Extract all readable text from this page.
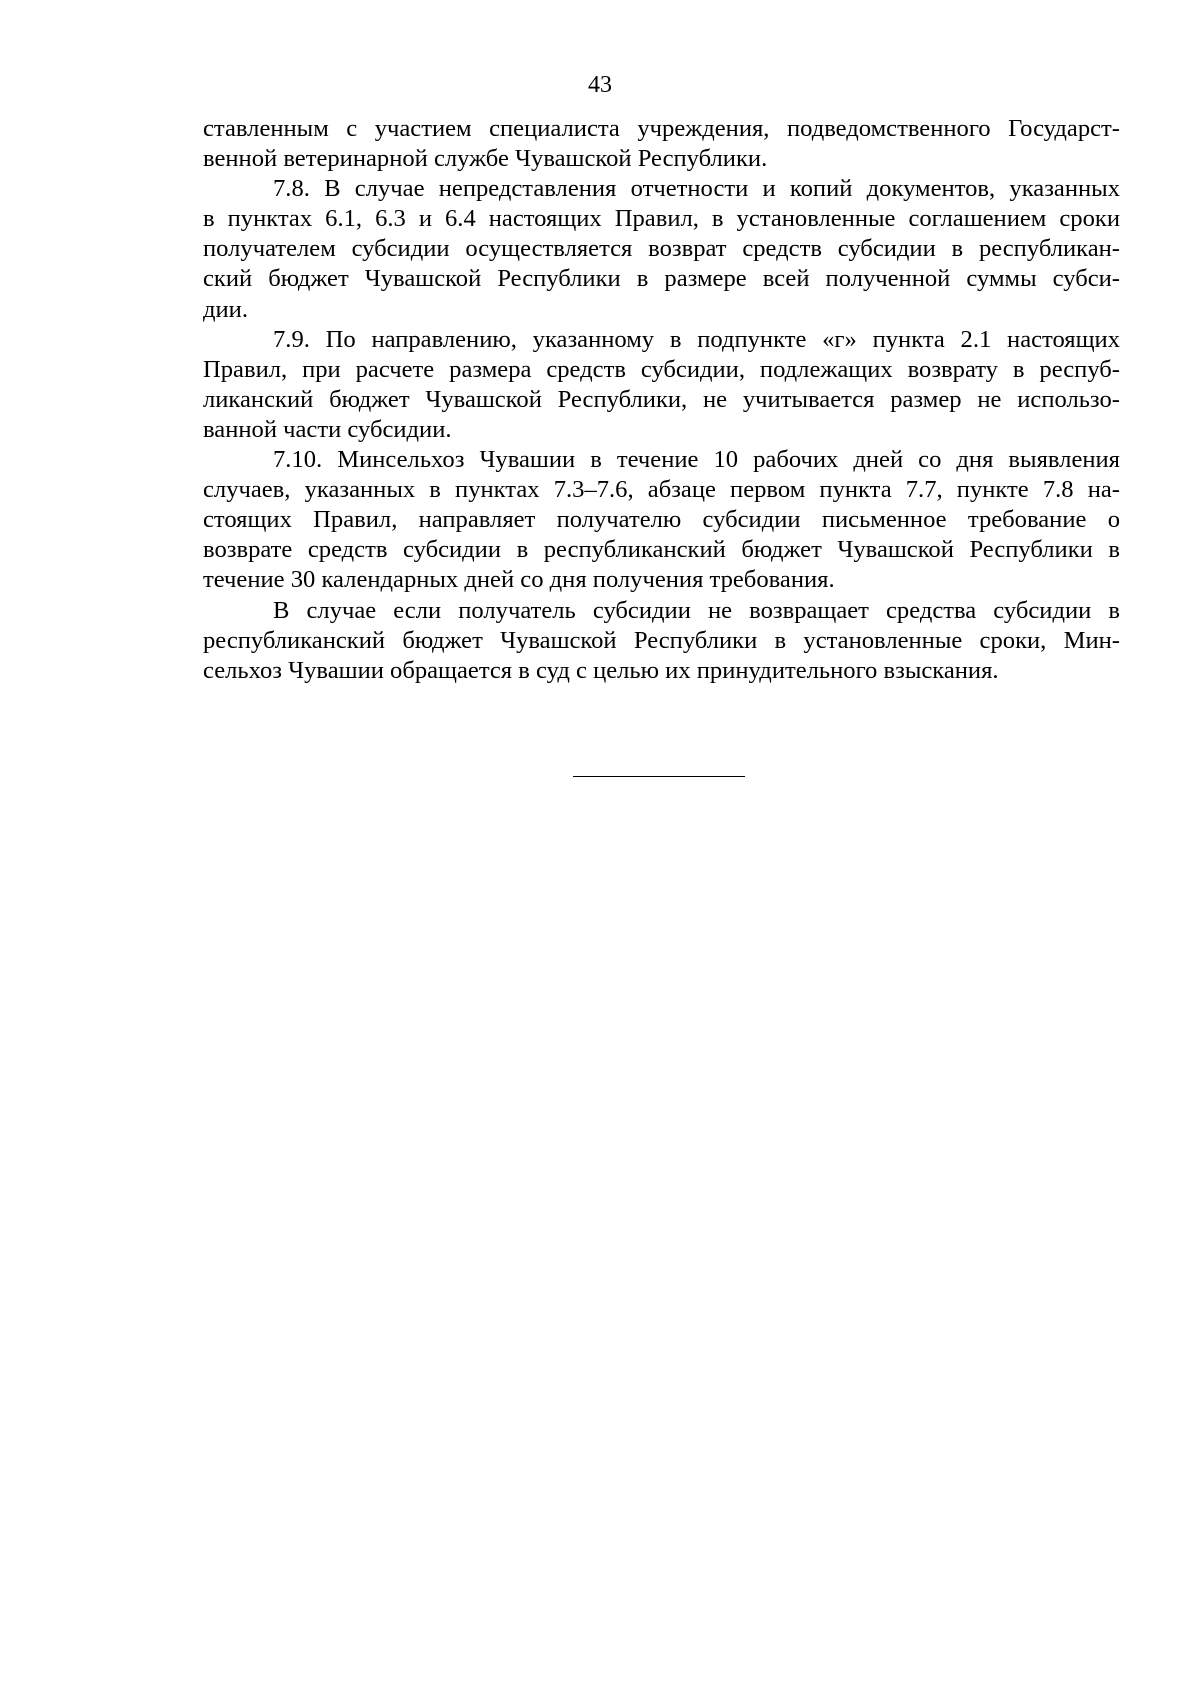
43

ставленным с участием специалиста учреждения, подведомственного Государст-
венной ветеринарной службе Чувашской Республики.

7.8. В случае непредставления отчетности и копий документов, указанных
в пунктах 6.1, 6.3 и 6.4 настоящих Правил, в установленные соглашением сроки
получателем субсидии осуществляется возврат средств субсидии в республикан-
ский бюджет Чувашской Республики в размере всей полученной суммы субси-
дии.

7.9. По направлению, указанному в подпункте «г» пункта 2.1 настоящих
Правил, при расчете размера средств субсидии, подлежащих возврату в респуб-
ликанский бюджет Чувашской Республики, не учитывается размер не использо-
ванной части субсидии.

7.10. Минсельхоз Чувашии в течение 10 рабочих дней со дня выявления
случаев, указанных в пунктах 7.3–7.6, абзаце первом пункта 7.7, пункте 7.8 на-
стоящих Правил, направляет получателю субсидии письменное требование о
возврате средств субсидии в республиканский бюджет Чувашской Республики в
течение 30 календарных дней со дня получения требования.

В случае если получатель субсидии не возвращает средства субсидии в
республиканский бюджет Чувашской Республики в установленные сроки, Мин-
сельхоз Чувашии обращается в суд с целью их принудительного взыскания.
